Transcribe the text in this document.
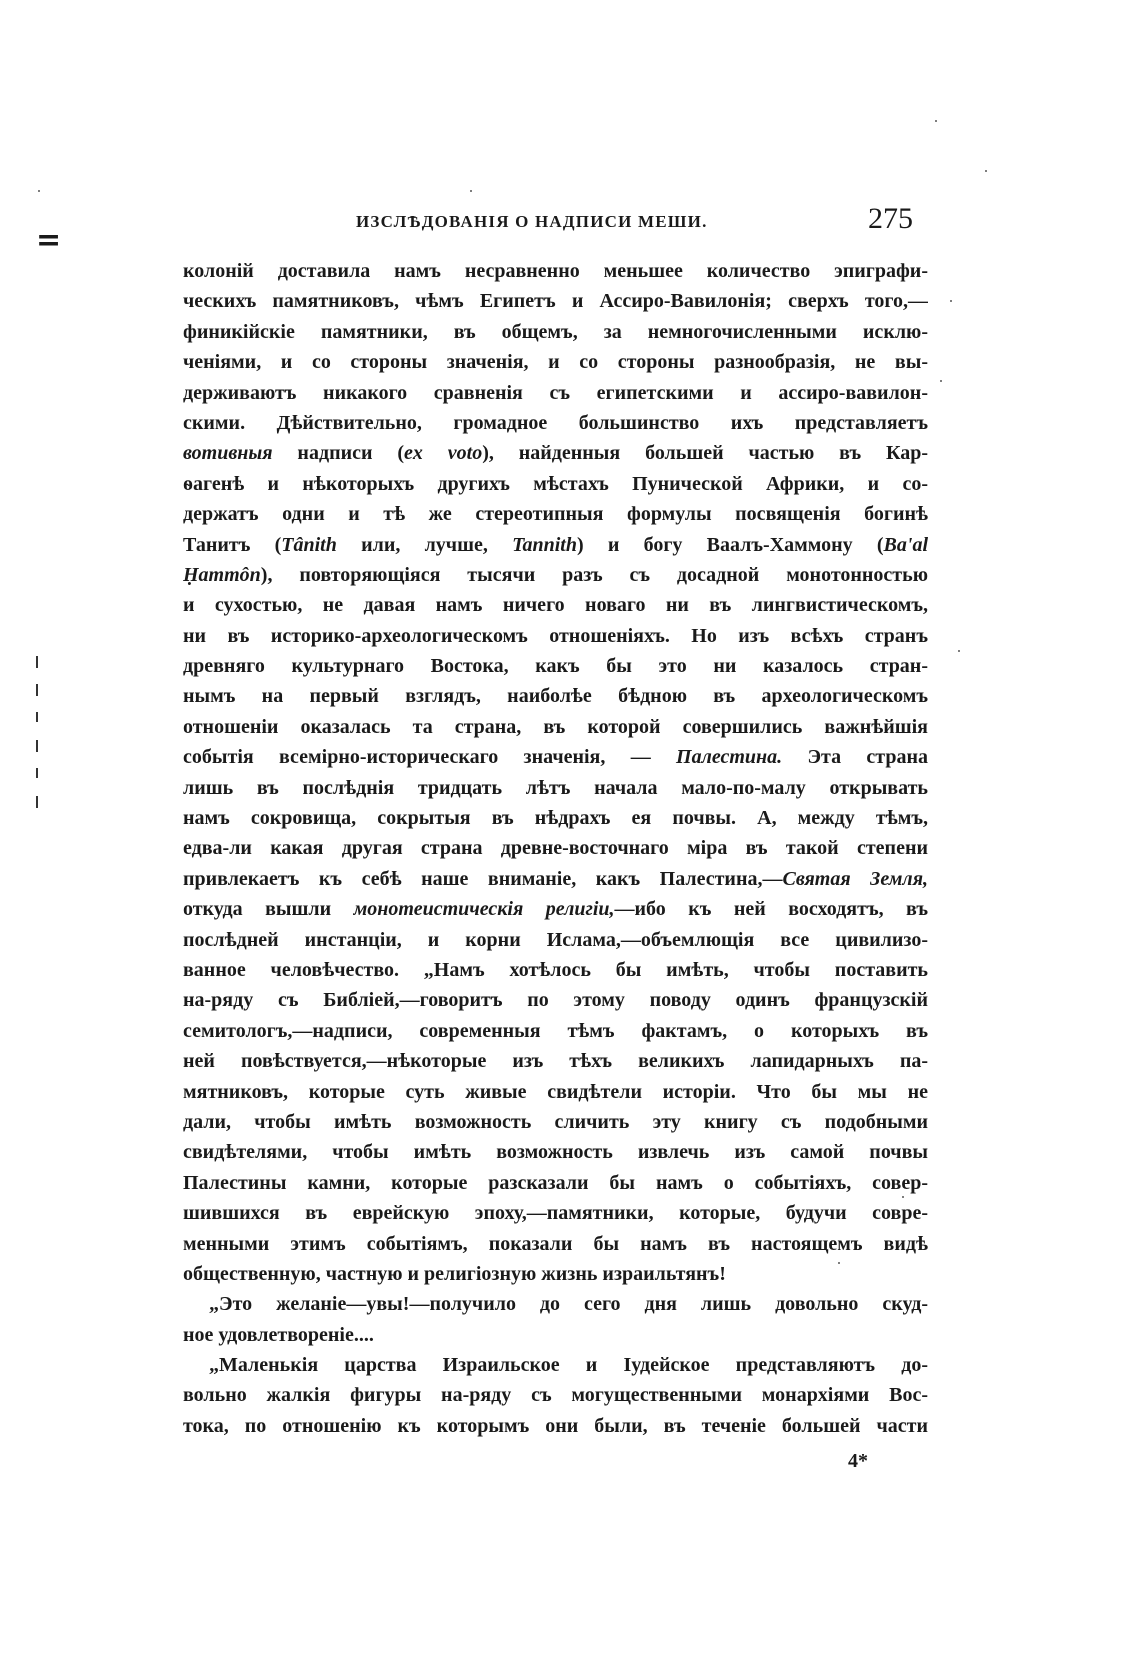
=
ИЗСЛѢДОВАНІЯ О НАДПИСИ МЕШИ.	275
колоній доставила намъ несравненно меньшее количество эпиграфи-
ческихъ памятниковъ, чѣмъ Египетъ и Ассиро-Вавилонія; сверхъ того,—
финикійскіе памятники, въ общемъ, за немногочисленными исклю-
ченіями, и со стороны значенія, и со стороны разнообразія, не вы-
держиваютъ никакого сравненія съ египетскими и ассиро-вавилон-
скими. Дѣйствительно, громадное большинство ихъ представляетъ
вотивныя надписи (ex voto), найденныя большей частью въ Кар-
ѳагенѣ и нѣкоторыхъ другихъ мѣстахъ Пунической Африки, и со-
держатъ одни и тѣ же стереотипныя формулы посвященія богинѣ
Танитъ (Tânith или, лучше, Tannith) и богу Ваалъ-Хаммону (Ba'al
Ḥammôn), повторяющіяся тысячи разъ съ досадной монотонностью
и сухостью, не давая намъ ничего новаго ни въ лингвистическомъ,
ни въ историко-археологическомъ отношеніяхъ. Но изъ всѣхъ странъ
древняго культурнаго Востока, какъ бы это ни казалось стран-
нымъ на первый взглядъ, наиболѣе бѣдною въ археологическомъ
отношеніи оказалась та страна, въ которой совершились важнѣйшія
событія всемірно-историческаго значенія, — Палестина. Эта страна
лишь въ послѣднія тридцать лѣтъ начала мало-по-малу открывать
намъ сокровища, сокрытыя въ нѣдрахъ ея почвы. А, между тѣмъ,
едва-ли какая другая страна древне-восточнаго міра въ такой степени
привлекаетъ къ себѣ наше вниманіе, какъ Палестина,—Святая Земля,
откуда вышли монотеистическія религіи,—ибо къ ней восходятъ, въ
послѣдней инстанціи, и корни Ислама,—объемлющія все цивилизо-
ванное человѣчество. „Намъ хотѣлось бы имѣть, чтобы поставить
на-ряду съ Библіей,—говоритъ по этому поводу одинъ французскій
семитологъ,—надписи, современныя тѣмъ фактамъ, о которыхъ въ
ней повѣствуется,—нѣкоторые изъ тѣхъ великихъ лапидарныхъ па-
мятниковъ, которые суть живые свидѣтели исторіи. Что бы мы не
дали, чтобы имѣть возможность сличить эту книгу съ подобными
свидѣтелями, чтобы имѣть возможность извлечь изъ самой почвы
Палестины камни, которые разсказали бы намъ о событіяхъ, совер-
шившихся въ еврейскую эпоху,—памятники, которые, будучи совре-
менными этимъ событіямъ, показали бы намъ въ настоящемъ видѣ
общественную, частную и религіозную жизнь израильтянъ!
„Это желаніе—увы!—получило до сего дня лишь довольно скуд-
ное удовлетвореніе....
„Маленькія царства Израильское и Іудейское представляютъ до-
вольно жалкія фигуры на-ряду съ могущественными монархіями Вос-
тока, по отношенію къ которымъ они были, въ теченіе большей части
4*
